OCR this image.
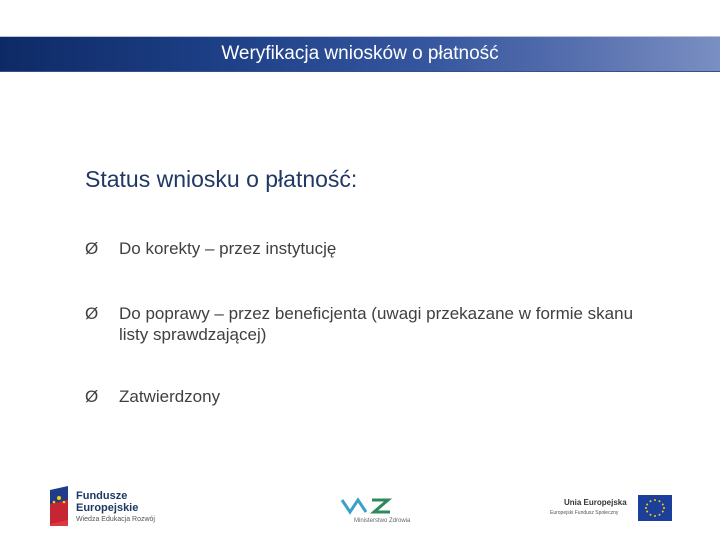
Weryfikacja wniosków o płatność
Status wniosku o płatność:
Ø Do korekty – przez instytucję
Ø Do poprawy – przez beneficjenta (uwagi przekazane w formie skanu listy sprawdzającej)
Ø Zatwierdzony
Fundusze
Europejskie
Wiedza Edukacja Rozwój	Ministerstwo Zdrowia
Unia Europejska
Europejski Fundusz Społeczny
